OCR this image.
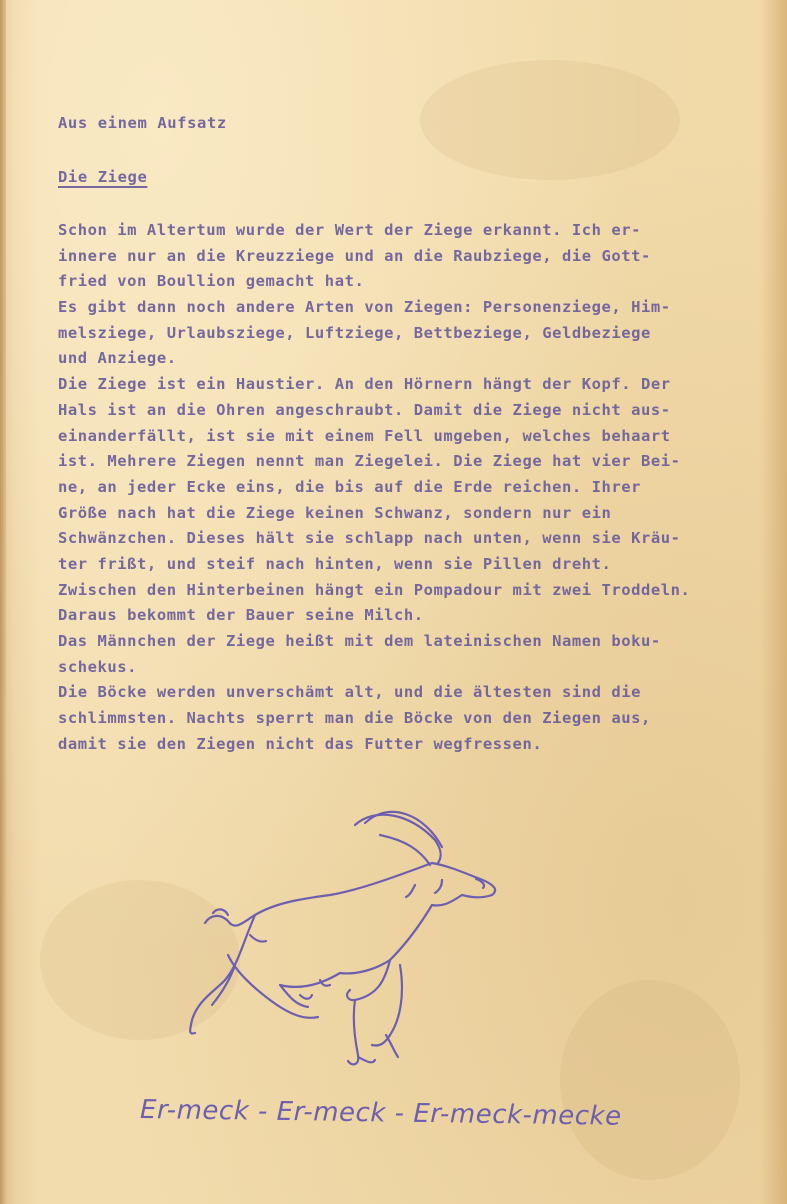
Aus einem Aufsatz

Die Ziege

Schon im Altertum wurde der Wert der Ziege erkannt. Ich er-
innere nur an die Kreuzziege und an die Raubziege, die Gott-
fried von Boullion gemacht hat.
Es gibt dann noch andere Arten von Ziegen: Personenziege, Him-
melsziege, Urlaubsziege, Luftziege, Bettbeziege, Geldbeziege
und Anziege.
Die Ziege ist ein Haustier. An den Hörnern hängt der Kopf. Der
Hals ist an die Ohren angeschraubt. Damit die Ziege nicht aus-
einanderfällt, ist sie mit einem Fell umgeben, welches behaart
ist. Mehrere Ziegen nennt man Ziegelei. Die Ziege hat vier Bei-
ne, an jeder Ecke eins, die bis auf die Erde reichen. Ihrer
Größe nach hat die Ziege keinen Schwanz, sondern nur ein
Schwänzchen. Dieses hält sie schlapp nach unten, wenn sie Kräu-
ter frißt, und steif nach hinten, wenn sie Pillen dreht.
Zwischen den Hinterbeinen hängt ein Pompadour mit zwei Troddeln.
Daraus bekommt der Bauer seine Milch.
Das Männchen der Ziege heißt mit dem lateinischen Namen boku-
schekus.
Die Böcke werden unverschämt alt, und die ältesten sind die
schlimmsten. Nachts sperrt man die Böcke von den Ziegen aus,
damit sie den Ziegen nicht das Futter wegfressen.
Er-meck - Er-meck - Er-meck-mecke
